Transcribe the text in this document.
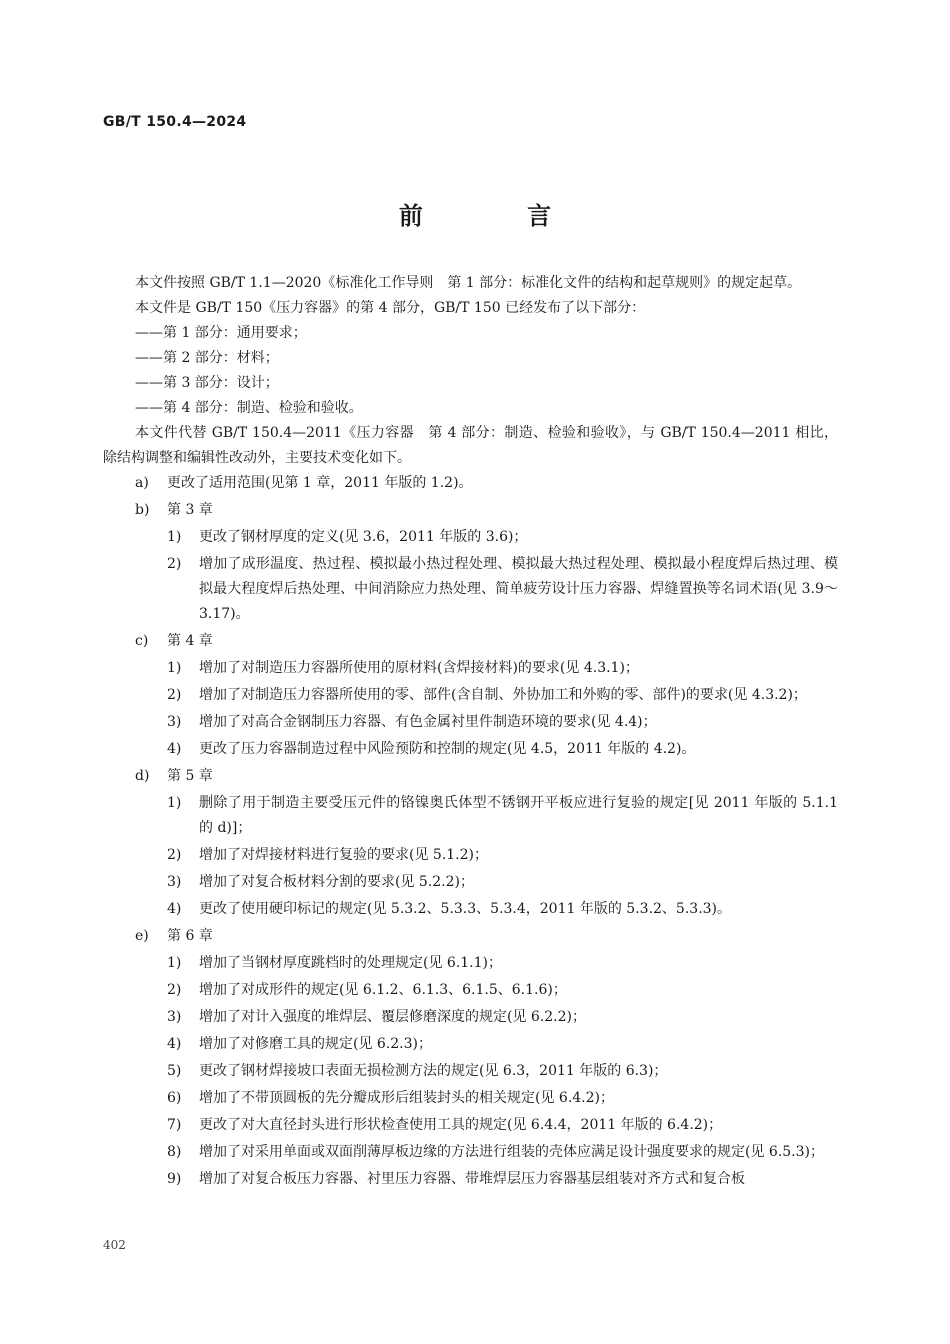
GB/T 150.4—2024
前 言
本文件按照 GB/T 1.1—2020《标准化工作导则　第 1 部分：标准化文件的结构和起草规则》的规定起草。
本文件是 GB/T 150《压力容器》的第 4 部分，GB/T 150 已经发布了以下部分：
——第 1 部分：通用要求；
——第 2 部分：材料；
——第 3 部分：设计；
——第 4 部分：制造、检验和验收。
本文件代替 GB/T 150.4—2011《压力容器　第 4 部分：制造、检验和验收》，与 GB/T 150.4—2011 相比，除结构调整和编辑性改动外，主要技术变化如下。
a)	更改了适用范围(见第 1 章，2011 年版的 1.2)。
b)	第 3 章
1)	更改了钢材厚度的定义(见 3.6，2011 年版的 3.6)；
2)	增加了成形温度、热过程、模拟最小热过程处理、模拟最大热过程处理、模拟最小程度焊后热过理、模拟最大程度焊后热处理、中间消除应力热处理、简单疲劳设计压力容器、焊缝置换等名词术语(见 3.9～3.17)。
c)	第 4 章
1)	增加了对制造压力容器所使用的原材料(含焊接材料)的要求(见 4.3.1)；
2)	增加了对制造压力容器所使用的零、部件(含自制、外协加工和外购的零、部件)的要求(见 4.3.2)；
3)	增加了对高合金钢制压力容器、有色金属衬里件制造环境的要求(见 4.4)；
4)	更改了压力容器制造过程中风险预防和控制的规定(见 4.5，2011 年版的 4.2)。
d)	第 5 章
1)	删除了用于制造主要受压元件的铬镍奥氏体型不锈钢开平板应进行复验的规定[见 2011 年版的 5.1.1 的 d)]；
2)	增加了对焊接材料进行复验的要求(见 5.1.2)；
3)	增加了对复合板材料分割的要求(见 5.2.2)；
4)	更改了使用硬印标记的规定(见 5.3.2、5.3.3、5.3.4，2011 年版的 5.3.2、5.3.3)。
e)	第 6 章
1)	增加了当钢材厚度跳档时的处理规定(见 6.1.1)；
2)	增加了对成形件的规定(见 6.1.2、6.1.3、6.1.5、6.1.6)；
3)	增加了对计入强度的堆焊层、覆层修磨深度的规定(见 6.2.2)；
4)	增加了对修磨工具的规定(见 6.2.3)；
5)	更改了钢材焊接坡口表面无损检测方法的规定(见 6.3，2011 年版的 6.3)；
6)	增加了不带顶圆板的先分瓣成形后组装封头的相关规定(见 6.4.2)；
7)	更改了对大直径封头进行形状检查使用工具的规定(见 6.4.4，2011 年版的 6.4.2)；
8)	增加了对采用单面或双面削薄厚板边缘的方法进行组装的壳体应满足设计强度要求的规定(见 6.5.3)；
9)	增加了对复合板压力容器、衬里压力容器、带堆焊层压力容器基层组装对齐方式和复合板
402
